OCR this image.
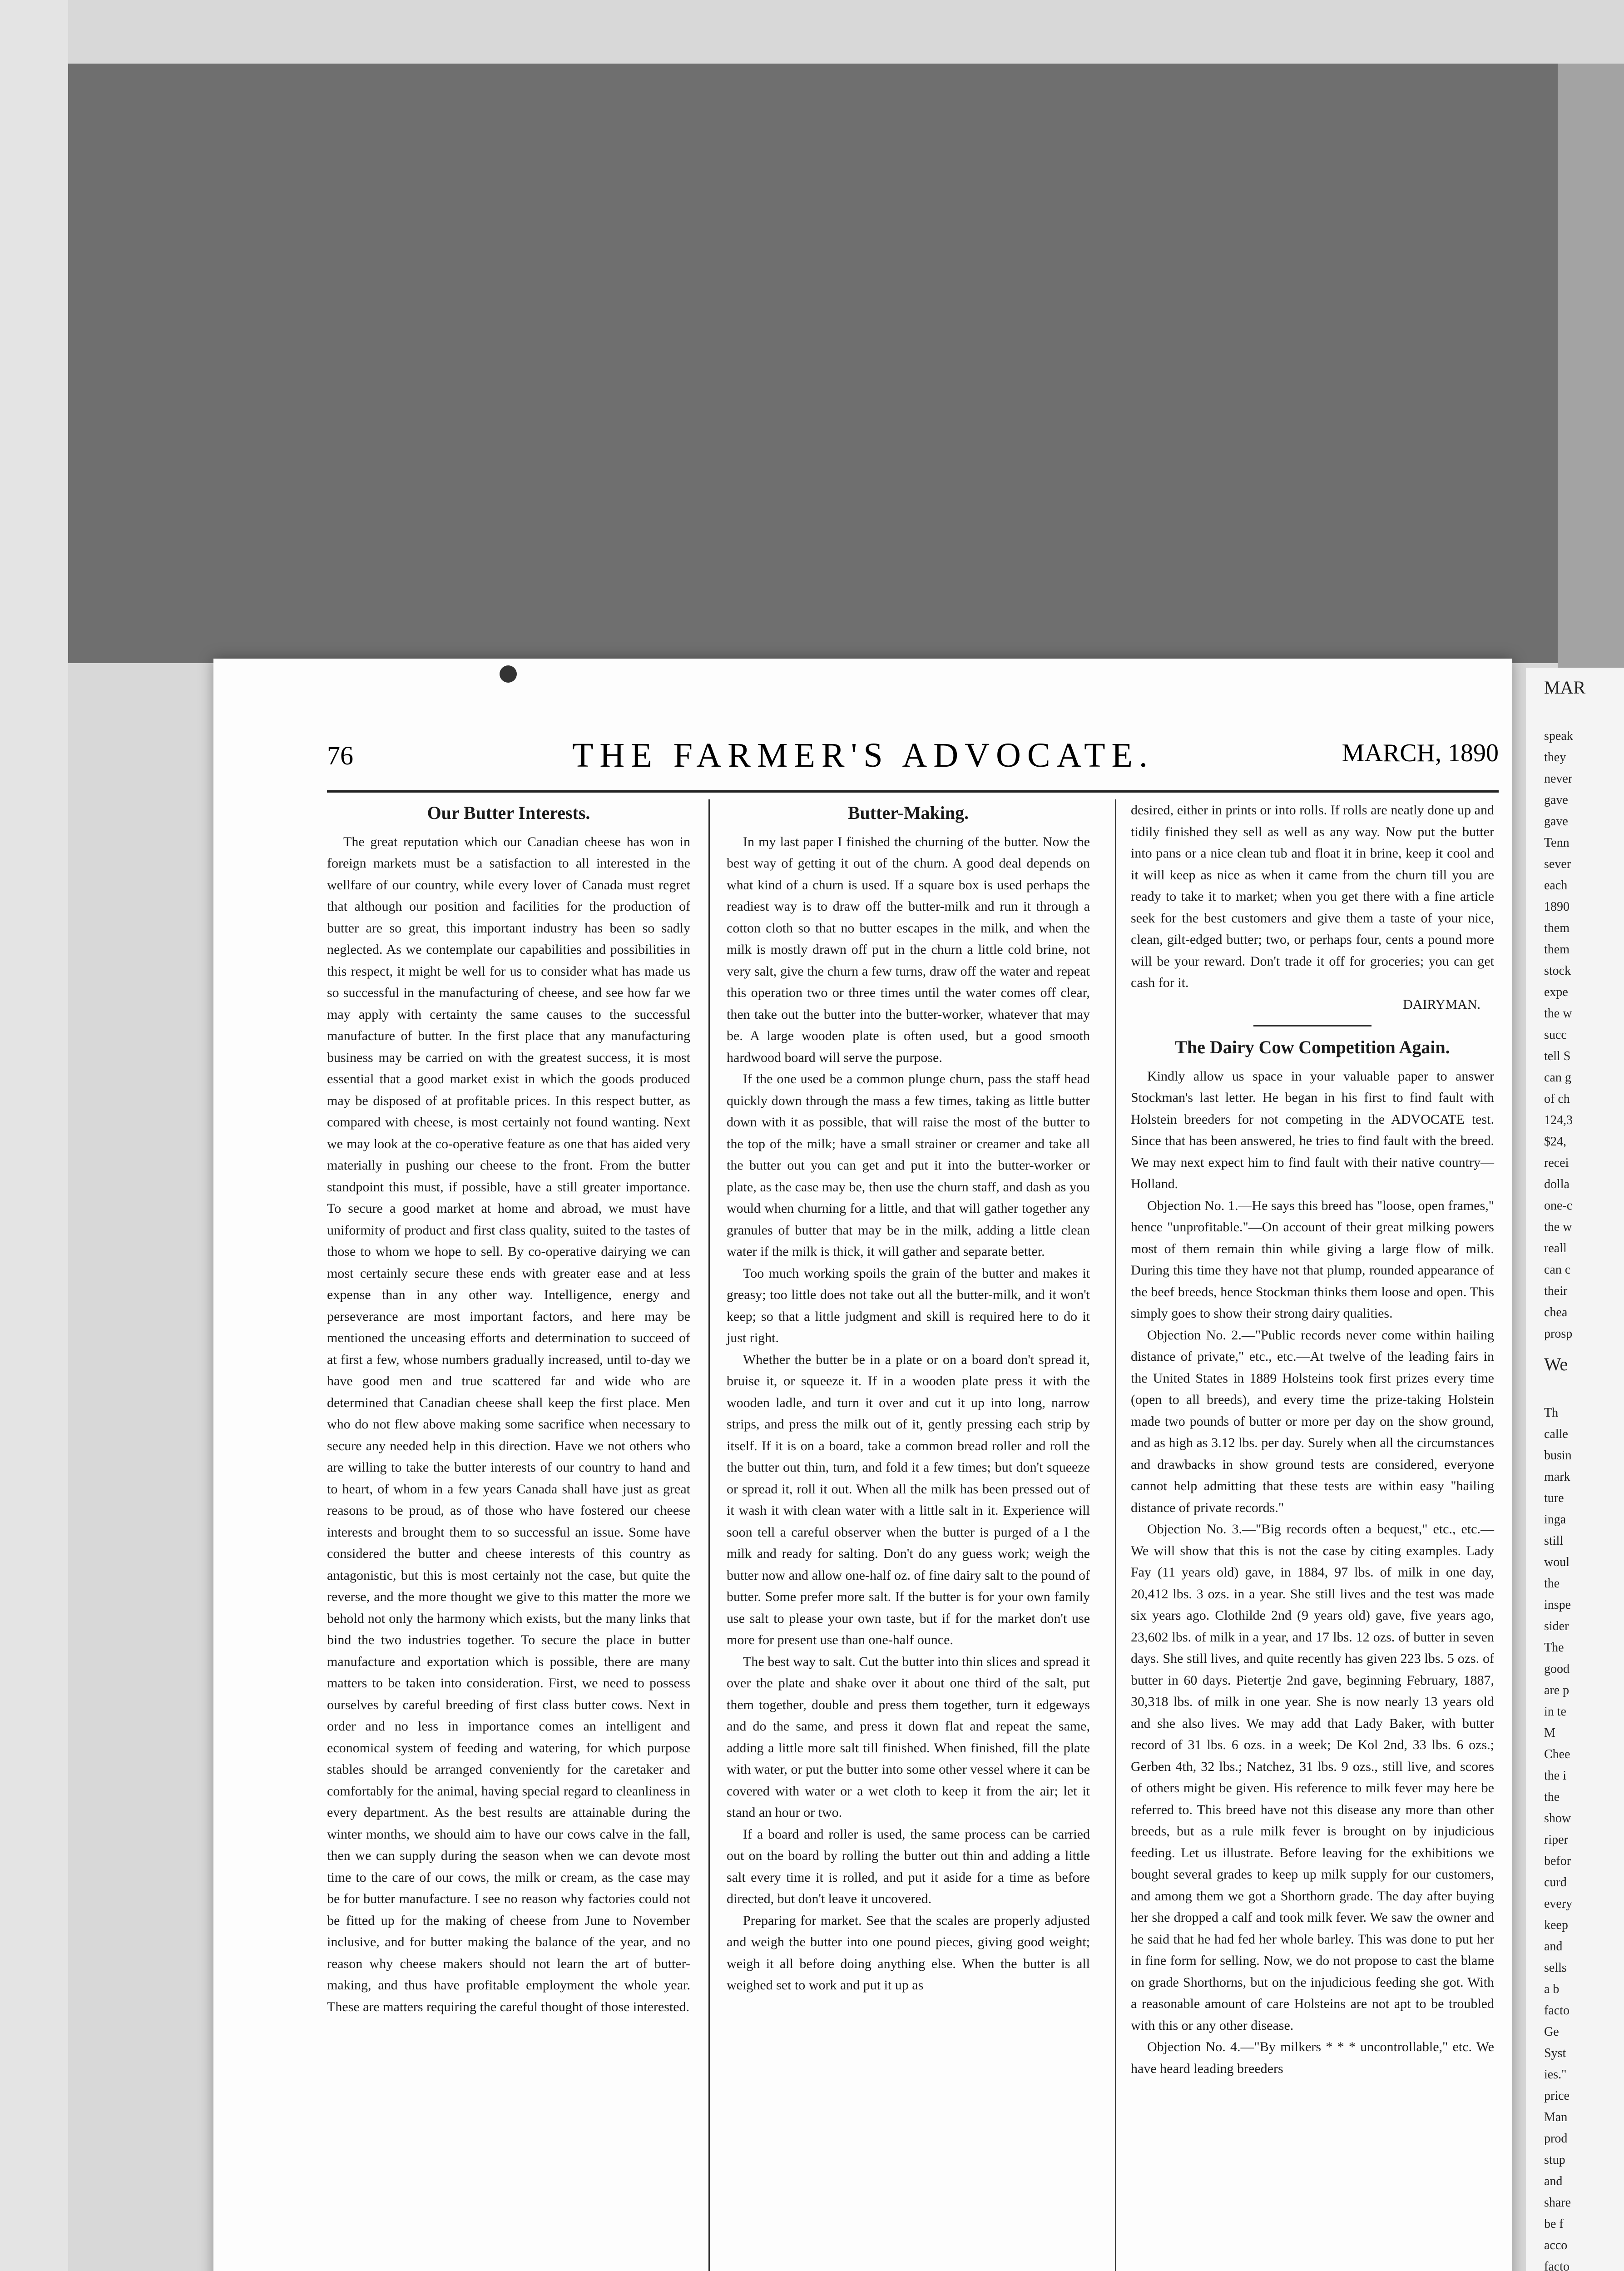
76	THE FARMER'S ADVOCATE.	MARCH, 1890
Our Butter Interests.

The great reputation which our Canadian cheese has won in foreign markets must be a satisfaction to all interested in the wellfare of our country, while every lover of Canada must regret that although our position and facilities for the production of butter are so great, this important industry has been so sadly neglected. As we contemplate our capabilities and possibilities in this respect, it might be well for us to consider what has made us so successful in the manufacturing of cheese, and see how far we may apply with certainty the same causes to the successful manufacture of butter. In the first place that any manufacturing business may be carried on with the greatest success, it is most essential that a good market exist in which the goods produced may be disposed of at profitable prices. In this respect butter, as compared with cheese, is most certainly not found wanting. Next we may look at the co-operative feature as one that has aided very materially in pushing our cheese to the front. From the butter standpoint this must, if possible, have a still greater importance. To secure a good market at home and abroad, we must have uniformity of product and first class quality, suited to the tastes of those to whom we hope to sell. By co-operative dairying we can most certainly secure these ends with greater ease and at less expense than in any other way. Intelligence, energy and perseverance are most important factors, and here may be mentioned the unceasing efforts and determination to succeed of at first a few, whose numbers gradually increased, until to-day we have good men and true scattered far and wide who are determined that Canadian cheese shall keep the first place. Men who do not flew above making some sacrifice when necessary to secure any needed help in this direction. Have we not others who are willing to take the butter interests of our country to hand and to heart, of whom in a few years Canada shall have just as great reasons to be proud, as of those who have fostered our cheese interests and brought them to so successful an issue. Some have considered the butter and cheese interests of this country as antagonistic, but this is most certainly not the case, but quite the reverse, and the more thought we give to this matter the more we behold not only the harmony which exists, but the many links that bind the two industries together. To secure the place in butter manufacture and exportation which is possible, there are many matters to be taken into consideration. First, we need to possess ourselves by careful breeding of first class butter cows. Next in order and no less in importance comes an intelligent and economical system of feeding and watering, for which purpose stables should be arranged conveniently for the caretaker and comfortably for the animal, having special regard to cleanliness in every department. As the best results are attainable during the winter months, we should aim to have our cows calve in the fall, then we can supply during the season when we can devote most time to the care of our cows, the milk or cream, as the case may be for butter manufacture. I see no reason why factories could not be fitted up for the making of cheese from June to November inclusive, and for butter making the balance of the year, and no reason why cheese makers should not learn the art of butter-making, and thus have profitable employment the whole year. These are matters requiring the careful thought of those interested.

Butter-Making.

In my last paper I finished the churning of the butter. Now the best way of getting it out of the churn. A good deal depends on what kind of a churn is used. If a square box is used perhaps the readiest way is to draw off the butter-milk and run it through a cotton cloth so that no butter escapes in the milk, and when the milk is mostly drawn off put in the churn a little cold brine, not very salt, give the churn a few turns, draw off the water and repeat this operation two or three times until the water comes off clear, then take out the butter into the butter-worker, whatever that may be. A large wooden plate is often used, but a good smooth hardwood board will serve the purpose.

If the one used be a common plunge churn, pass the staff head quickly down through the mass a few times, taking as little butter down with it as possible, that will raise the most of the butter to the top of the milk; have a small strainer or creamer and take all the butter out you can get and put it into the butter-worker or plate, as the case may be, then use the churn staff, and dash as you would when churning for a little, and that will gather together any granules of butter that may be in the milk, adding a little clean water if the milk is thick, it will gather and separate better.

Too much working spoils the grain of the butter and makes it greasy; too little does not take out all the butter-milk, and it won't keep; so that a little judgment and skill is required here to do it just right.

Whether the butter be in a plate or on a board don't spread it, bruise it, or squeeze it. If in a wooden plate press it with the wooden ladle, and turn it over and cut it up into long, narrow strips, and press the milk out of it, gently pressing each strip by itself. If it is on a board, take a common bread roller and roll the the butter out thin, turn, and fold it a few times; but don't squeeze or spread it, roll it out. When all the milk has been pressed out of it wash it with clean water with a little salt in it. Experience will soon tell a careful observer when the butter is purged of a l the milk and ready for salting. Don't do any guess work; weigh the butter now and allow one-half oz. of fine dairy salt to the pound of butter. Some prefer more salt. If the butter is for your own family use salt to please your own taste, but if for the market don't use more for present use than one-half ounce.

The best way to salt. Cut the butter into thin slices and spread it over the plate and shake over it about one third of the salt, put them together, double and press them together, turn it edgeways and do the same, and press it down flat and repeat the same, adding a little more salt till finished. When finished, fill the plate with water, or put the butter into some other vessel where it can be covered with water or a wet cloth to keep it from the air; let it stand an hour or two.

If a board and roller is used, the same process can be carried out on the board by rolling the butter out thin and adding a little salt every time it is rolled, and put it aside for a time as before directed, but don't leave it uncovered.

Preparing for market. See that the scales are properly adjusted and weigh the butter into one pound pieces, giving good weight; weigh it all before doing anything else. When the butter is all weighed set to work and put it up as

desired, either in prints or into rolls. If rolls are neatly done up and tidily finished they sell as well as any way. Now put the butter into pans or a nice clean tub and float it in brine, keep it cool and it will keep as nice as when it came from the churn till you are ready to take it to market; when you get there with a fine article seek for the best customers and give them a taste of your nice, clean, gilt-edged butter; two, or perhaps four, cents a pound more will be your reward. Don't trade it off for groceries; you can get cash for it.

DAIRYMAN.

The Dairy Cow Competition Again.

Kindly allow us space in your valuable paper to answer Stockman's last letter. He began in his first to find fault with Holstein breeders for not competing in the ADVOCATE test. Since that has been answered, he tries to find fault with the breed. We may next expect him to find fault with their native country—Holland.

Objection No. 1.—He says this breed has "loose, open frames," hence "unprofitable."—On account of their great milking powers most of them remain thin while giving a large flow of milk. During this time they have not that plump, rounded appearance of the beef breeds, hence Stockman thinks them loose and open. This simply goes to show their strong dairy qualities.

Objection No. 2.—"Public records never come within hailing distance of private," etc., etc.—At twelve of the leading fairs in the United States in 1889 Holsteins took first prizes every time (open to all breeds), and every time the prize-taking Holstein made two pounds of butter or more per day on the show ground, and as high as 3.12 lbs. per day. Surely when all the circumstances and drawbacks in show ground tests are considered, everyone cannot help admitting that these tests are within easy "hailing distance of private records."

Objection No. 3.—"Big records often a bequest," etc., etc.—We will show that this is not the case by citing examples. Lady Fay (11 years old) gave, in 1884, 97 lbs. of milk in one day, 20,412 lbs. 3 ozs. in a year. She still lives and the test was made six years ago. Clothilde 2nd (9 years old) gave, five years ago, 23,602 lbs. of milk in a year, and 17 lbs. 12 ozs. of butter in seven days. She still lives, and quite recently has given 223 lbs. 5 ozs. of butter in 60 days. Pietertje 2nd gave, beginning February, 1887, 30,318 lbs. of milk in one year. She is now nearly 13 years old and she also lives. We may add that Lady Baker, with butter record of 31 lbs. 6 ozs. in a week; De Kol 2nd, 33 lbs. 6 ozs.; Gerben 4th, 32 lbs.; Natchez, 31 lbs. 9 ozs., still live, and scores of others might be given. His reference to milk fever may here be referred to. This breed have not this disease any more than other breeds, but as a rule milk fever is brought on by injudicious feeding. Let us illustrate. Before leaving for the exhibitions we bought several grades to keep up milk supply for our customers, and among them we got a Shorthorn grade. The day after buying her she dropped a calf and took milk fever. We saw the owner and he said that he had fed her whole barley. This was done to put her in fine form for selling. Now, we do not propose to cast the blame on grade Shorthorns, but on the injudicious feeding she got. With a reasonable amount of care Holsteins are not apt to be troubled with this or any other disease.

Objection No. 4.—"By milkers * * * uncontrollable," etc. We have heard leading breeders

MAR
speak
they
never
gave
gave
Tenn
sever
each
1890
them
them
stock
expe
the w
succ
tell S
can g
of ch
124,3
$24,
recei
dolla
one-c
the w
reall
can c
their
chea
prosp
We
Th
calle
busin
mark
ture
inga
still
woul
the
inspe
sider
The
good
are p
in te
M
Chee
the i
the
show
riper
befor
curd
every
keep
and
sells
a b
facto
Ge
Syst
ies."
price
Man
prod
stup
and
share
be f
acco
facto
